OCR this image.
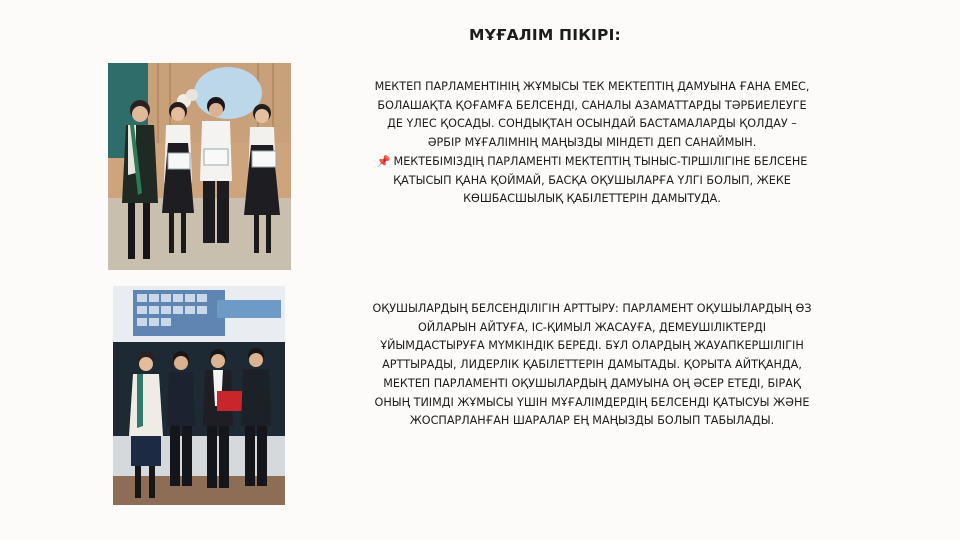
МҰҒАЛІМ ПІКІРІ:
МЕКТЕП ПАРЛАМЕНТІНІҢ ЖҰМЫСЫ ТЕК МЕКТЕПТІҢ ДАМУЫНА ҒАНА ЕМЕС, БОЛАШАҚТА ҚОҒАМҒА БЕЛСЕНДІ, САНАЛЫ АЗАМАТТАРДЫ ТӘРБИЕЛЕУГЕ ДЕ ҮЛЕС ҚОСАДЫ. СОНДЫҚТАН ОСЫНДАЙ БАСТАМАЛАРДЫ ҚОЛДАУ – ӘРБІР МҰҒАЛІМНІҢ МАҢЫЗДЫ МІНДЕТІ ДЕП САНАЙМЫН.
📌 МЕКТЕБІМІЗДІҢ ПАРЛАМЕНТІ МЕКТЕПТІҢ ТЫНЫС-ТІРШІЛІГІНЕ БЕЛСЕНЕ ҚАТЫСЫП ҚАНА ҚОЙМАЙ, БАСҚА ОҚУШЫЛАРҒА ҮЛГІ БОЛЫП, ЖЕКЕ КӨШБАСШЫЛЫҚ ҚАБІЛЕТТЕРІН ДАМЫТУДА.
ОҚУШЫЛАРДЫҢ БЕЛСЕНДІЛІГІН АРТТЫРУ: ПАРЛАМЕНТ ОҚУШЫЛАРДЫҢ ӨЗ ОЙЛАРЫН АЙТУҒА, ІС-ҚИМЫЛ ЖАСАУҒА, ДЕМЕУШІЛІКТЕРДІ ҰЙЫМДАСТЫРУҒА МҮМКІНДІК БЕРЕДІ. БҰЛ ОЛАРДЫҢ ЖАУАПКЕРШІЛІГІН АРТТЫРАДЫ, ЛИДЕРЛІК ҚАБІЛЕТТЕРІН ДАМЫТАДЫ. ҚОРЫТА АЙТҚАНДА, МЕКТЕП ПАРЛАМЕНТІ ОҚУШЫЛАРДЫҢ ДАМУЫНА ОҢ ӘСЕР ЕТЕДІ, БІРАҚ ОНЫҢ ТИІМДІ ЖҰМЫСЫ ҮШІН МҰҒАЛІМДЕРДІҢ БЕЛСЕНДІ ҚАТЫСУЫ ЖӘНЕ ЖОСПАРЛАНҒАН ШАРАЛАР ЕҢ МАҢЫЗДЫ БОЛЫП ТАБЫЛАДЫ.
